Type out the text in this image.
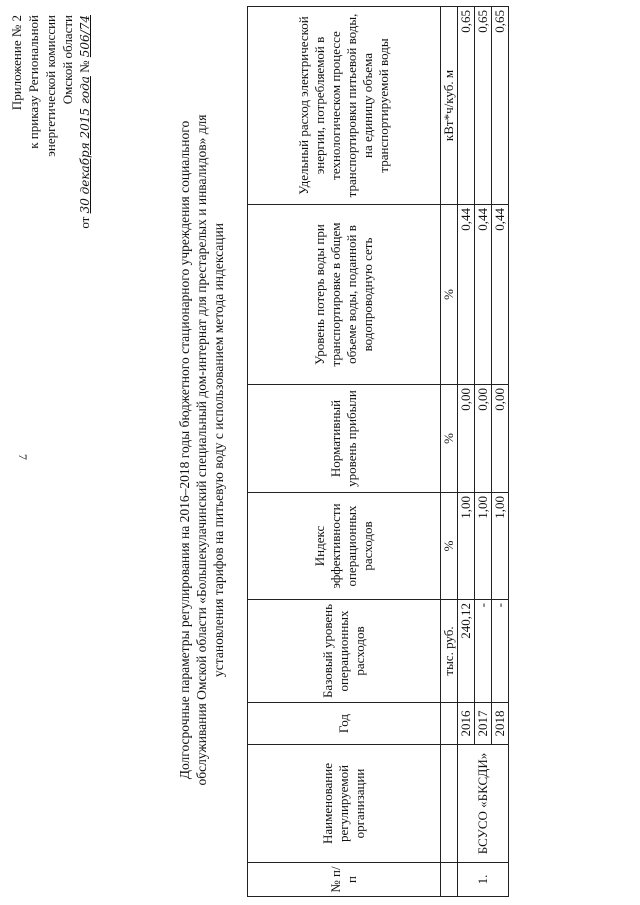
7
Приложение № 2 к приказу Региональной энергетической комиссии Омской области
от 30 декабря 2015 года № 506/74
Долгосрочные параметры регулирования на 2016–2018 годы бюджетного стационарного учреждения социального обслуживания Омской области «Большекулачинский специальный дом-интернат для престарелых и инвалидов» для установления тарифов на питьевую воду с использованием метода индексации
№ п/п	Наименование регулируемой организации	Год	Базовый уровень операционных расходов	Индекс эффективности операционных расходов	Нормативный уровень прибыли	Уровень потерь воды при транспортировке в общем объеме воды, поданной в водопроводную сеть	Удельный расход электрической энергии, потребляемой в технологическом процессе транспортировки питьевой воды, на единицу объема транспортируемой воды
			тыс. руб.	%	%	%	кВт*ч/куб. м
1.	БСУСО «БКСДИ»	2016	240,12	1,00	0,00	0,44	0,65
		2017	-	1,00	0,00	0,44	0,65
		2018	-	1,00	0,00	0,44	0,65
